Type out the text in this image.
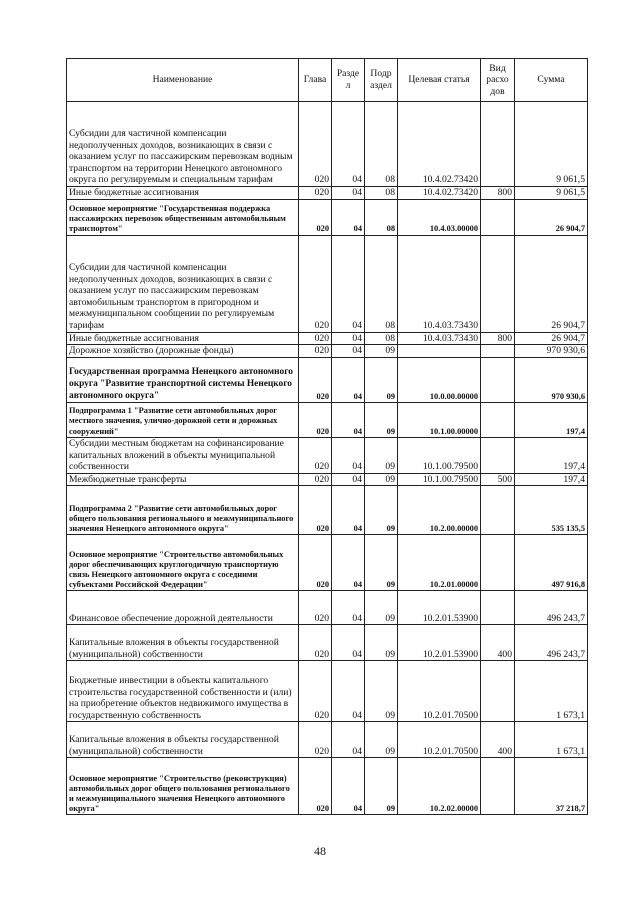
Наименование	Глава	Разде л	Подр аздел	Целевая статья	Вид расхо дов	Сумма
Субсидии для частичной компенсации недополученных доходов, возникающих в связи с оказанием услуг по пассажирским перевозкам водным транспортом на территории Ненецкого автономного округа по регулируемым и специальным тарифам	020	04	08	10.4.02.73420		9 061,5
Иные бюджетные ассигнования	020	04	08	10.4.02.73420	800	9 061,5
Основное мероприятие "Государственная поддержка пассажирских перевозок общественным автомобильным транспортом"	020	04	08	10.4.03.00000		26 904,7
Субсидии для частичной компенсации недополученных доходов, возникающих в связи с оказанием услуг по пассажирским перевозкам автомобильным транспортом в пригородном и межмуниципальном сообщении по регулируемым тарифам	020	04	08	10.4.03.73430		26 904,7
Иные бюджетные ассигнования	020	04	08	10.4.03.73430	800	26 904,7
Дорожное хозяйство (дорожные фонды)	020	04	09			970 930,6
Государственная программа Ненецкого автономного округа "Развитие транспортной системы Ненецкого автономного округа"	020	04	09	10.0.00.00000		970 930,6
Подпрограмма 1 "Развитие сети автомобильных дорог местного значения, улично-дорожной сети и дорожных сооружений"	020	04	09	10.1.00.00000		197,4
Субсидии местным бюджетам на софинансирование капитальных вложений в объекты муниципальной собственности	020	04	09	10.1.00.79500		197,4
Межбюджетные трансферты	020	04	09	10.1.00.79500	500	197,4
Подпрограмма 2 "Развитие сети автомобильных дорог общего пользования регионального и межмуниципального значения Ненецкого автономного округа"	020	04	09	10.2.00.00000		535 135,5
Основное мероприятие "Строительство автомобильных дорог обеспечивающих круглогодичную транспортную связь Ненецкого автономного округа с соседними субъектами Российской Федерации"	020	04	09	10.2.01.00000		497 916,8
Финансовое обеспечение дорожной деятельности	020	04	09	10.2.01.53900		496 243,7
Капитальные вложения в объекты государственной (муниципальной) собственности	020	04	09	10.2.01.53900	400	496 243,7
Бюджетные инвестиции в объекты капитального строительства государственной собственности и (или) на приобретение объектов недвижимого имущества в государственную собственность	020	04	09	10.2.01.70500		1 673,1
Капитальные вложения в объекты государственной (муниципальной) собственности	020	04	09	10.2.01.70500	400	1 673,1
Основное мероприятие "Строительство (реконструкция) автомобильных дорог общего пользования регионального и межмуниципального значения Ненецкого автономного округа"	020	04	09	10.2.02.00000		37 218,7
48
